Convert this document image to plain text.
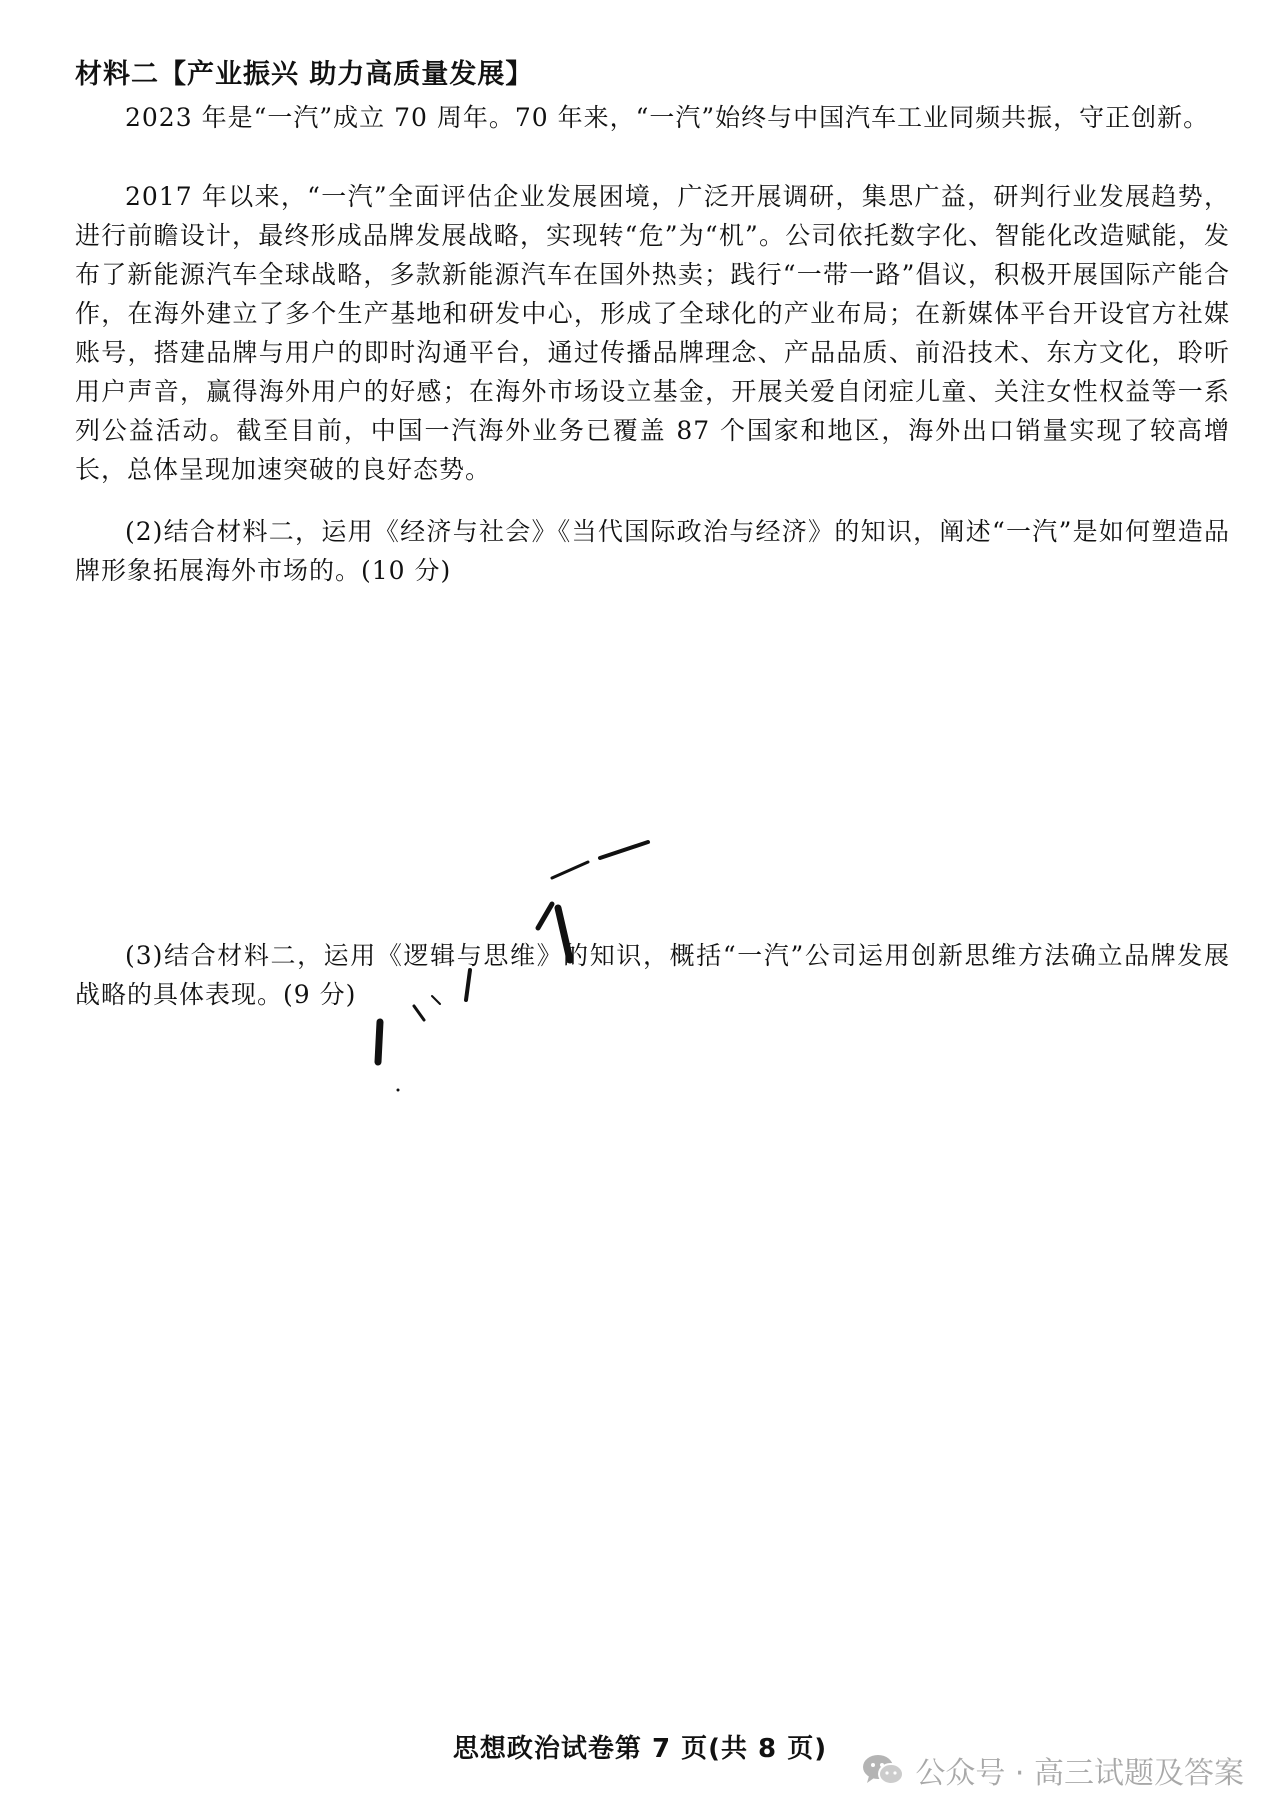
材料二【产业振兴 助力高质量发展】

2023 年是“一汽”成立 70 周年。70 年来，“一汽”始终与中国汽车工业同频共振，守正创新。

2017 年以来，“一汽”全面评估企业发展困境，广泛开展调研，集思广益，研判行业发展趋势，进行前瞻设计，最终形成品牌发展战略，实现转“危”为“机”。公司依托数字化、智能化改造赋能，发布了新能源汽车全球战略，多款新能源汽车在国外热卖；践行“一带一路”倡议，积极开展国际产能合作，在海外建立了多个生产基地和研发中心，形成了全球化的产业布局；在新媒体平台开设官方社媒账号，搭建品牌与用户的即时沟通平台，通过传播品牌理念、产品品质、前沿技术、东方文化，聆听用户声音，赢得海外用户的好感；在海外市场设立基金，开展关爱自闭症儿童、关注女性权益等一系列公益活动。截至目前，中国一汽海外业务已覆盖 87 个国家和地区，海外出口销量实现了较高增长，总体呈现加速突破的良好态势。

(2)结合材料二，运用《经济与社会》《当代国际政治与经济》的知识，阐述“一汽”是如何塑造品牌形象拓展海外市场的。(10 分)

(3)结合材料二，运用《逻辑与思维》的知识，概括“一汽”公司运用创新思维方法确立品牌发展战略的具体表现。(9 分)

思想政治试卷第 7 页(共 8 页)
公众号 · 高三试题及答案
